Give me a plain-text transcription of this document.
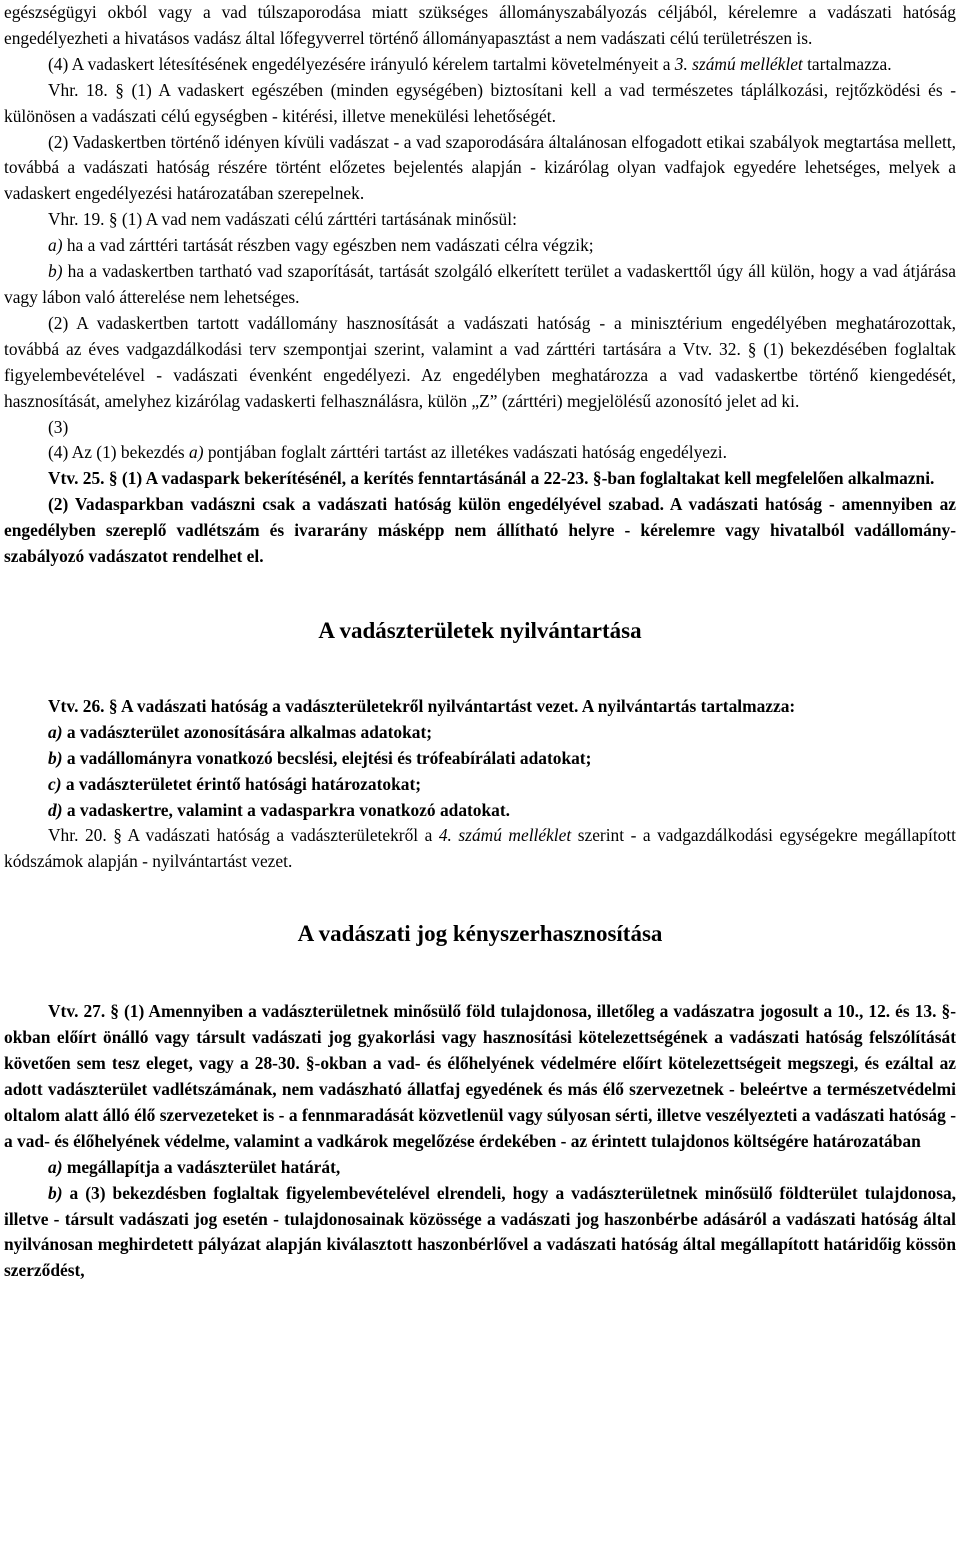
egészségügyi okból vagy a vad túlszaporodása miatt szükséges állományszabályozás céljából, kérelemre a vadászati hatóság engedélyezheti a hivatásos vadász által lőfegyverrel történő állományapasztást a nem vadászati célú területrészen is.

(4) A vadaskert létesítésének engedélyezésére irányuló kérelem tartalmi követelményeit a 3. számú melléklet tartalmazza.

Vhr. 18. § (1) A vadaskert egészében (minden egységében) biztosítani kell a vad természetes táplálkozási, rejtőzködési és - különösen a vadászati célú egységben - kitérési, illetve menekülési lehetőségét.

(2) Vadaskertben történő idényen kívüli vadászat - a vad szaporodására általánosan elfogadott etikai szabályok megtartása mellett, továbbá a vadászati hatóság részére történt előzetes bejelentés alapján - kizárólag olyan vadfajok egyedére lehetséges, melyek a vadaskert engedélyezési határozatában szerepelnek.

Vhr. 19. § (1) A vad nem vadászati célú zárttéri tartásának minősül:

a) ha a vad zárttéri tartását részben vagy egészben nem vadászati célra végzik;

b) ha a vadaskertben tartható vad szaporítását, tartását szolgáló elkerített terület a vadaskerttől úgy áll külön, hogy a vad átjárása vagy lábon való átterelése nem lehetséges.

(2) A vadaskertben tartott vadállomány hasznosítását a vadászati hatóság - a minisztérium engedélyében meghatározottak, továbbá az éves vadgazdálkodási terv szempontjai szerint, valamint a vad zárttéri tartására a Vtv. 32. § (1) bekezdésében foglaltak figyelembevételével - vadászati évenként engedélyezi. Az engedélyben meghatározza a vad vadaskertbe történő kiengedését, hasznosítását, amelyhez kizárólag vadaskerti felhasználásra, külön „Z” (zárttéri) megjelölésű azonosító jelet ad ki.

(3)

(4) Az (1) bekezdés a) pontjában foglalt zárttéri tartást az illetékes vadászati hatóság engedélyezi.

Vtv. 25. § (1) A vadaspark bekerítésénél, a kerítés fenntartásánál a 22-23. §-ban foglaltakat kell megfelelően alkalmazni.

(2) Vadasparkban vadászni csak a vadászati hatóság külön engedélyével szabad. A vadászati hatóság - amennyiben az engedélyben szereplő vadlétszám és ivararány másképp nem állítható helyre - kérelemre vagy hivatalból vadállomány-szabályozó vadászatot rendelhet el.

A vadászterületek nyilvántartása

Vtv. 26. § A vadászati hatóság a vadászterületekről nyilvántartást vezet. A nyilvántartás tartalmazza:

a) a vadászterület azonosítására alkalmas adatokat;

b) a vadállományra vonatkozó becslési, elejtési és trófeabírálati adatokat;

c) a vadászterületet érintő hatósági határozatokat;

d) a vadaskertre, valamint a vadasparkra vonatkozó adatokat.

Vhr. 20. § A vadászati hatóság a vadászterületekről a 4. számú melléklet szerint - a vadgazdálkodási egységekre megállapított kódszámok alapján - nyilvántartást vezet.

A vadászati jog kényszerhasznosítása

Vtv. 27. § (1) Amennyiben a vadászterületnek minősülő föld tulajdonosa, illetőleg a vadászatra jogosult a 10., 12. és 13. §-okban előírt önálló vagy társult vadászati jog gyakorlási vagy hasznosítási kötelezettségének a vadászati hatóság felszólítását követően sem tesz eleget, vagy a 28-30. §-okban a vad- és élőhelyének védelmére előírt kötelezettségeit megszegi, és ezáltal az adott vadászterület vadlétszámának, nem vadászható állatfaj egyedének és más élő szervezetnek - beleértve a természetvédelmi oltalom alatt álló élő szervezeteket is - a fennmaradását közvetlenül vagy súlyosan sérti, illetve veszélyezteti a vadászati hatóság - a vad- és élőhelyének védelme, valamint a vadkárok megelőzése érdekében - az érintett tulajdonos költségére határozatában

a) megállapítja a vadászterület határát,

b) a (3) bekezdésben foglaltak figyelembevételével elrendeli, hogy a vadászterületnek minősülő földterület tulajdonosa, illetve - társult vadászati jog esetén - tulajdonosainak közössége a vadászati jog haszonbérbe adásáról a vadászati hatóság által nyilvánosan meghirdetett pályázat alapján kiválasztott haszonbérlővel a vadászati hatóság által megállapított határidőig kössön szerződést,
